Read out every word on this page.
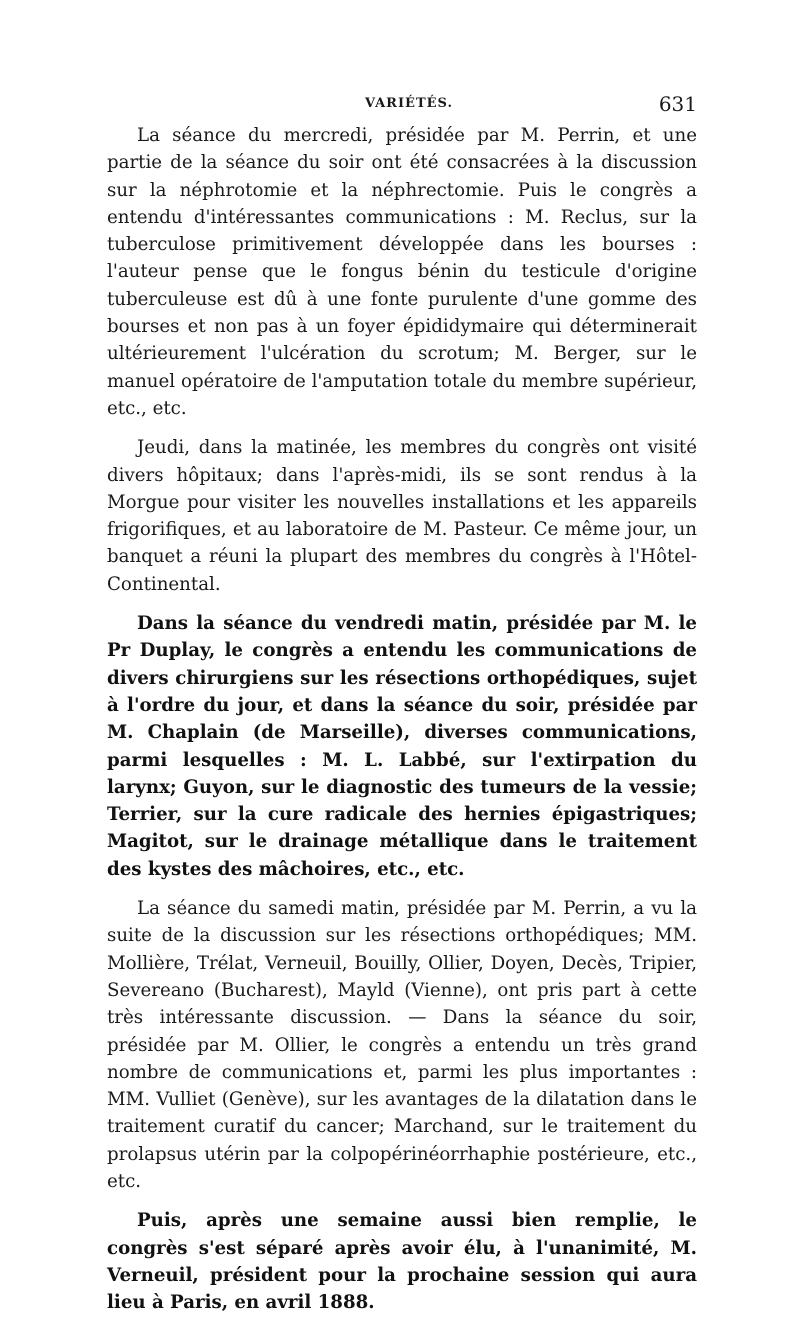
VARIÉTÉS.	631

La séance du mercredi, présidée par M. Perrin, et une partie de la séance du soir ont été consacrées à la discussion sur la néphrotomie et la néphrectomie. Puis le congrès a entendu d'intéressantes communications : M. Reclus, sur la tuberculose primitivement développée dans les bourses : l'auteur pense que le fongus bénin du testicule d'origine tuberculeuse est dû à une fonte purulente d'une gomme des bourses et non pas à un foyer épididymaire qui déterminerait ultérieurement l'ulcération du scrotum; M. Berger, sur le manuel opératoire de l'amputation totale du membre supérieur, etc., etc.

Jeudi, dans la matinée, les membres du congrès ont visité divers hôpitaux; dans l'après-midi, ils se sont rendus à la Morgue pour visiter les nouvelles installations et les appareils frigorifiques, et au laboratoire de M. Pasteur. Ce même jour, un banquet a réuni la plupart des membres du congrès à l'Hôtel-Continental.

Dans la séance du vendredi matin, présidée par M. le Pr Duplay, le congrès a entendu les communications de divers chirurgiens sur les résections orthopédiques, sujet à l'ordre du jour, et dans la séance du soir, présidée par M. Chaplain (de Marseille), diverses communications, parmi lesquelles : M. L. Labbé, sur l'extirpation du larynx; Guyon, sur le diagnostic des tumeurs de la vessie; Terrier, sur la cure radicale des hernies épigastriques; Magitot, sur le drainage métallique dans le traitement des kystes des mâchoires, etc., etc.

La séance du samedi matin, présidée par M. Perrin, a vu la suite de la discussion sur les résections orthopédiques; MM. Mollière, Trélat, Verneuil, Bouilly, Ollier, Doyen, Decès, Tripier, Severeano (Bucharest), Mayld (Vienne), ont pris part à cette très intéressante discussion. — Dans la séance du soir, présidée par M. Ollier, le congrès a entendu un très grand nombre de communications et, parmi les plus importantes : MM. Vulliet (Genève), sur les avantages de la dilatation dans le traitement curatif du cancer; Marchand, sur le traitement du prolapsus utérin par la colpopérinéorrhaphie postérieure, etc., etc.

Puis, après une semaine aussi bien remplie, le congrès s'est séparé après avoir élu, à l'unanimité, M. Verneuil, président pour la prochaine session qui aura lieu à Paris, en avril 1888.
